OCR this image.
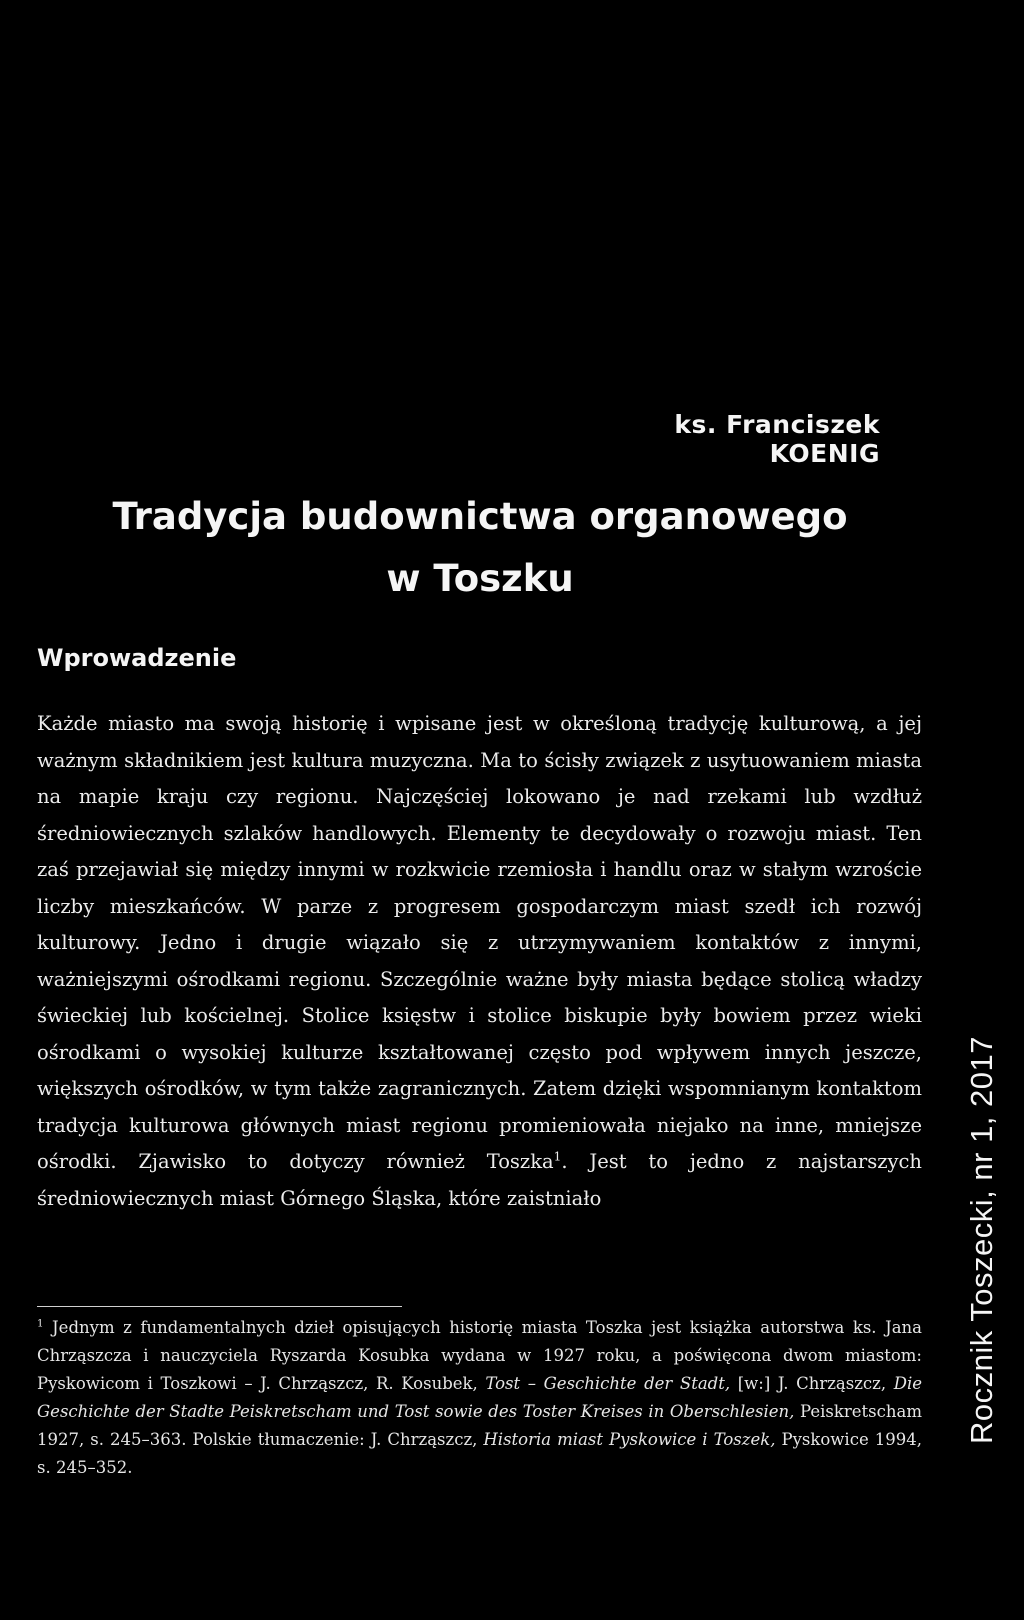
ks. Franciszek KOENIG
Tradycja budownictwa organowego
w Toszku
Wprowadzenie

Każde miasto ma swoją historię i wpisane jest w określoną tradycję kulturową, a jej ważnym składnikiem jest kultura muzyczna. Ma to ścisły związek z usytuowaniem miasta na mapie kraju czy regionu. Najczęściej lokowano je nad rzekami lub wzdłuż średniowiecznych szlaków handlowych. Elementy te decydowały o rozwoju miast. Ten zaś przejawiał się między innymi w rozkwicie rzemiosła i handlu oraz w stałym wzroście liczby mieszkańców. W parze z progresem gospodarczym miast szedł ich rozwój kulturowy. Jedno i drugie wiązało się z utrzymywaniem kontaktów z innymi, ważniejszymi ośrodkami regionu. Szczególnie ważne były miasta będące stolicą władzy świeckiej lub kościelnej. Stolice księstw i stolice biskupie były bowiem przez wieki ośrodkami o wysokiej kulturze kształtowanej często pod wpływem innych jeszcze, większych ośrodków, w tym także zagranicznych. Zatem dzięki wspomnianym kontaktom tradycja kulturowa głównych miast regionu promieniowała niejako na inne, mniejsze ośrodki. Zjawisko to dotyczy również Toszka$^1$. Jest to jedno z najstarszych średniowiecznych miast Górnego Śląska, które zaistniało

$^1$ Jednym z fundamentalnych dzieł opisujących historię miasta Toszka jest książka autorstwa ks. Jana Chrząszcza i nauczyciela Ryszarda Kosubka wydana w 1927 roku, a poświęcona dwom miastom: Pyskowicom i Toszkowi – J. Chrząszcz, R. Kosubek, Tost – Geschichte der Stadt, [w:] J. Chrząszcz, Die Geschichte der Stadte Peiskretscham und Tost sowie des Toster Kreises in Oberschlesien, Peiskretscham 1927, s. 245–363. Polskie tłumaczenie: J. Chrząszcz, Historia miast Pyskowice i Toszek, Pyskowice 1994, s. 245–352.

Rocznik Toszecki, nr 1, 2017
